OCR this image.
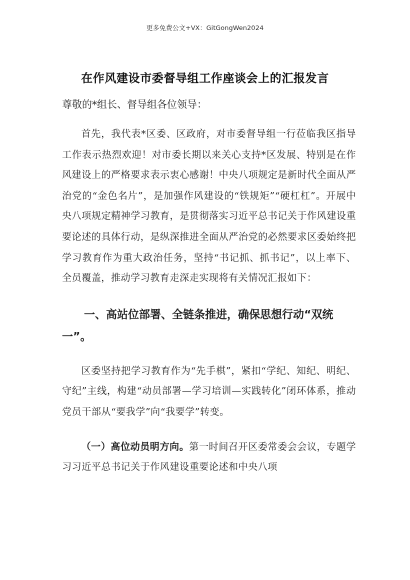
更多免费公文+VX：GitGongWen2024
在作风建设市委督导组工作座谈会上的汇报发言

尊敬的*组长、督导组各位领导：

首先，我代表*区委、区政府，对市委督导组一行莅临我区指导工作表示热烈欢迎！对市委长期以来关心支持*区发展、特别是在作风建设上的严格要求表示衷心感谢！中央八项规定是新时代全面从严治党的“金色名片”，是加强作风建设的“铁规矩”“硬杠杠”。开展中央八项规定精神学习教育，是贯彻落实习近平总书记关于作风建设重要论述的具体行动，是纵深推进全面从严治党的必然要求区委始终把学习教育作为重大政治任务，坚持“书记抓、抓书记”，以上率下、全员覆盖，推动学习教育走深走实现将有关情况汇报如下：

一、高站位部署、全链条推进，确保思想行动“双统一”。

区委坚持把学习教育作为“先手棋”，紧扣“学纪、知纪、明纪、守纪”主线，构建“动员部署—学习培训—实践转化”闭环体系，推动党员干部从“要我学”向“我要学”转变。

（一）高位动员明方向。第一时间召开区委常委会会议，专题学习习近平总书记关于作风建设重要论述和中央八项
